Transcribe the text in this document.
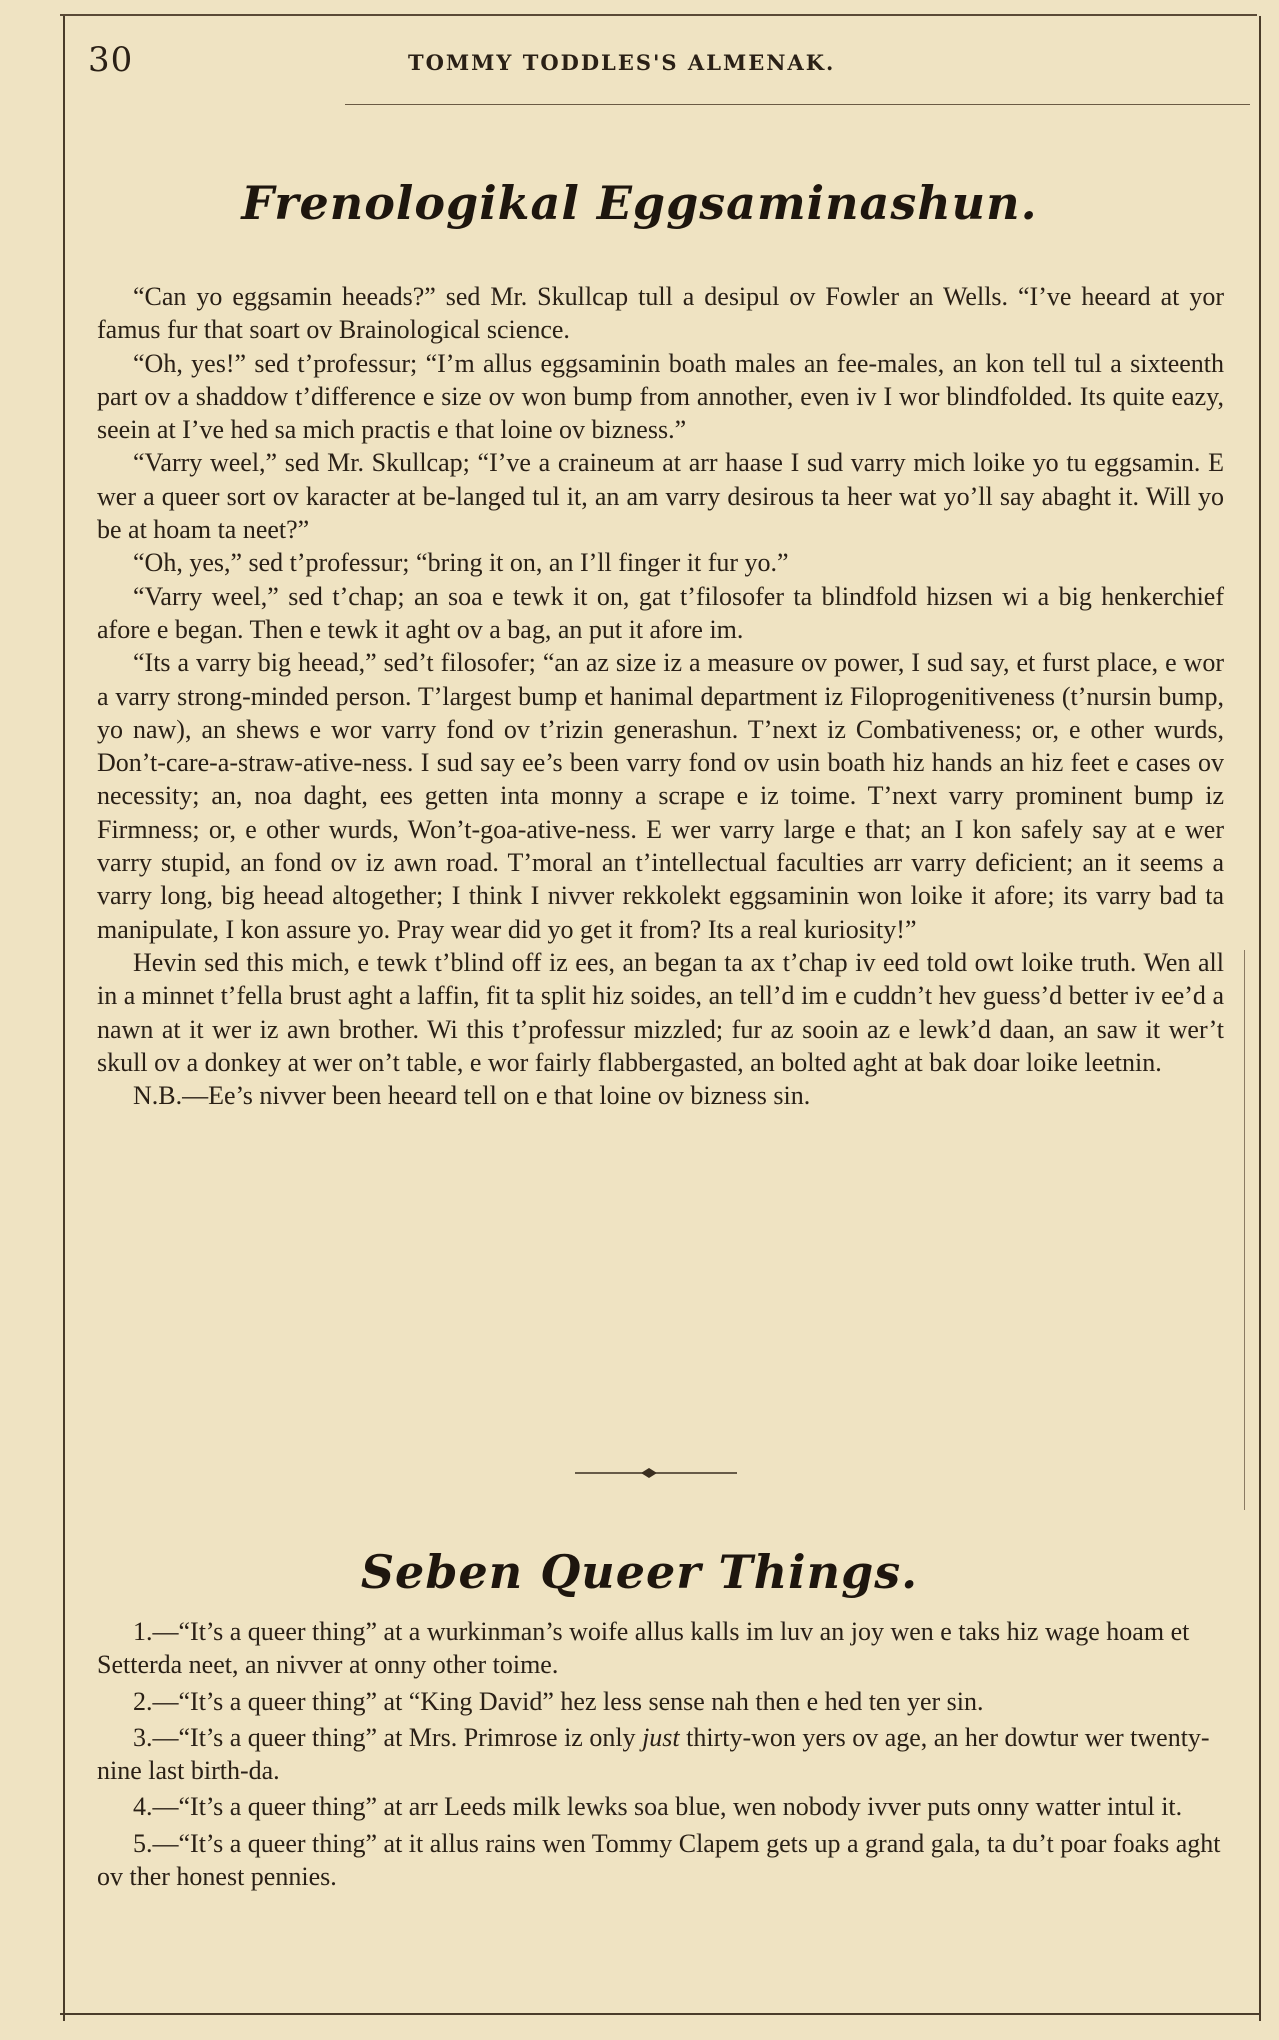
30	TOMMY TODDLES'S ALMENAK.
Frenologikal Eggsaminashun.

“Can yo eggsamin heeads?” sed Mr. Skullcap tull a desipul ov Fowler an Wells. “I’ve heeard at yor famus fur that soart ov Brainological science.

“Oh, yes!” sed t’professur; “I’m allus eggsaminin boath males an fee-males, an kon tell tul a sixteenth part ov a shaddow t’difference e size ov won bump from annother, even iv I wor blindfolded. Its quite eazy, seein at I’ve hed sa mich practis e that loine ov bizness.”

“Varry weel,” sed Mr. Skullcap; “I’ve a craineum at arr haase I sud varry mich loike yo tu eggsamin. E wer a queer sort ov karacter at be-langed tul it, an am varry desirous ta heer wat yo’ll say abaght it. Will yo be at hoam ta neet?”

“Oh, yes,” sed t’professur; “bring it on, an I’ll finger it fur yo.”

“Varry weel,” sed t’chap; an soa e tewk it on, gat t’filosofer ta blindfold hizsen wi a big henkerchief afore e began. Then e tewk it aght ov a bag, an put it afore im.

“Its a varry big heead,” sed’t filosofer; “an az size iz a measure ov power, I sud say, et furst place, e wor a varry strong-minded person. T’largest bump et hanimal department iz Filoprogenitiveness (t’nursin bump, yo naw), an shews e wor varry fond ov t’rizin generashun. T’next iz Combativeness; or, e other wurds, Don’t-care-a-straw-ative-ness. I sud say ee’s been varry fond ov usin boath hiz hands an hiz feet e cases ov necessity; an, noa daght, ees getten inta monny a scrape e iz toime. T’next varry prominent bump iz Firmness; or, e other wurds, Won’t-goa-ative-ness. E wer varry large e that; an I kon safely say at e wer varry stupid, an fond ov iz awn road. T’moral an t’intellectual faculties arr varry deficient; an it seems a varry long, big heead altogether; I think I nivver rekkolekt eggsaminin won loike it afore; its varry bad ta manipulate, I kon assure yo. Pray wear did yo get it from? Its a real kuriosity!”

Hevin sed this mich, e tewk t’blind off iz ees, an began ta ax t’chap iv eed told owt loike truth. Wen all in a minnet t’fella brust aght a laffin, fit ta split hiz soides, an tell’d im e cuddn’t hev guess’d better iv ee’d a nawn at it wer iz awn brother. Wi this t’professur mizzled; fur az sooin az e lewk’d daan, an saw it wer’t skull ov a donkey at wer on’t table, e wor fairly flabbergasted, an bolted aght at bak doar loike leetnin.

N.B.—Ee’s nivver been heeard tell on e that loine ov bizness sin.

Seben Queer Things.

1.—“It’s a queer thing” at a wurkinman’s woife allus kalls im luv an joy wen e taks hiz wage hoam et Setterda neet, an nivver at onny other toime.

2.—“It’s a queer thing” at “King David” hez less sense nah then e hed ten yer sin.

3.—“It’s a queer thing” at Mrs. Primrose iz only just thirty-won yers ov age, an her dowtur wer twenty-nine last birth-da.

4.—“It’s a queer thing” at arr Leeds milk lewks soa blue, wen nobody ivver puts onny watter intul it.

5.—“It’s a queer thing” at it allus rains wen Tommy Clapem gets up a grand gala, ta du’t poar foaks aght ov ther honest pennies.
